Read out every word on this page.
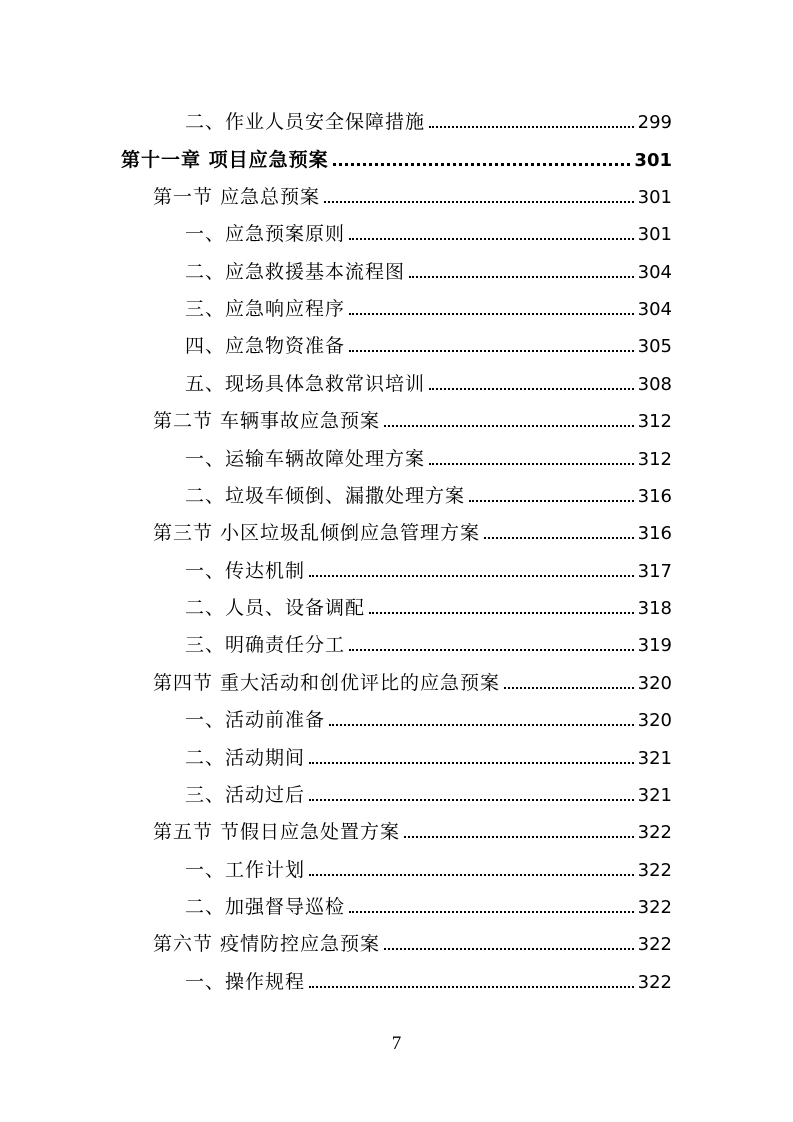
二、作业人员安全保障措施	299
第十一章 项目应急预案	301
第一节 应急总预案	301
一、应急预案原则	301
二、应急救援基本流程图	304
三、应急响应程序	304
四、应急物资准备	305
五、现场具体急救常识培训	308
第二节 车辆事故应急预案	312
一、运输车辆故障处理方案	312
二、垃圾车倾倒、漏撒处理方案	316
第三节 小区垃圾乱倾倒应急管理方案	316
一、传达机制	317
二、人员、设备调配	318
三、明确责任分工	319
第四节 重大活动和创优评比的应急预案	320
一、活动前准备	320
二、活动期间	321
三、活动过后	321
第五节 节假日应急处置方案	322
一、工作计划	322
二、加强督导巡检	322
第六节 疫情防控应急预案	322
一、操作规程	322
7
